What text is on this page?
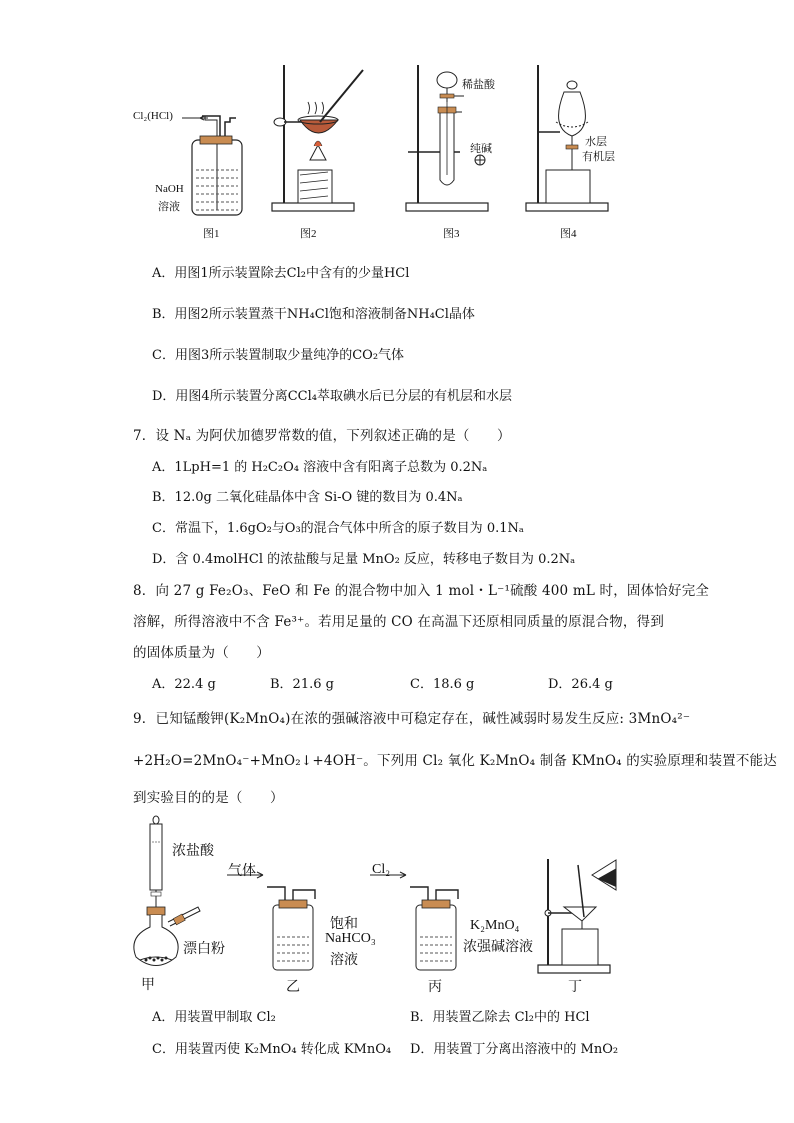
Cl₂(HCl)
NaOH
溶液
图1	图2
稀盐酸
纯碱
图3
水层
有机层
图4
A．用图1所示装置除去Cl₂中含有的少量HCl
B．用图2所示装置蒸干NH₄Cl饱和溶液制备NH₄Cl晶体
C．用图3所示装置制取少量纯净的CO₂气体
D．用图4所示装置分离CCl₄萃取碘水后已分层的有机层和水层
7．设 Nₐ 为阿伏加德罗常数的值，下列叙述正确的是（　　）
A．1LpH=1 的 H₂C₂O₄ 溶液中含有阳离子总数为 0.2Nₐ
B．12.0g 二氧化硅晶体中含 Si-O 键的数目为 0.4Nₐ
C．常温下，1.6gO₂与O₃的混合气体中所含的原子数目为 0.1Nₐ
D．含 0.4molHCl 的浓盐酸与足量 MnO₂ 反应，转移电子数目为 0.2Nₐ
8．向 27 g Fe₂O₃、FeO 和 Fe 的混合物中加入 1 mol・L⁻¹硫酸 400 mL 时，固体恰好完全
溶解，所得溶液中不含 Fe³⁺。若用足量的 CO 在高温下还原相同质量的原混合物，得到
的固体质量为（　　）
A．22.4 g	B．21.6 g	C．18.6 g	D．26.4 g
9．已知锰酸钾(K₂MnO₄)在浓的强碱溶液中可稳定存在，碱性减弱时易发生反应: 3MnO₄²⁻
+2H₂O=2MnO₄⁻+MnO₂↓+4OH⁻。下列用 Cl₂ 氧化 K₂MnO₄ 制备 KMnO₄ 的实验原理和装置不能达
到实验目的的是（　　）
浓盐酸
漂白粉
甲
气体
饱和
NaHCO₃
溶液
乙
Cl₂
K₂MnO₄
浓强碱溶液
丙	丁
A．用装置甲制取 Cl₂	B．用装置乙除去 Cl₂中的 HCl
C．用装置丙使 K₂MnO₄ 转化成 KMnO₄ D．用装置丁分离出溶液中的 MnO₂
